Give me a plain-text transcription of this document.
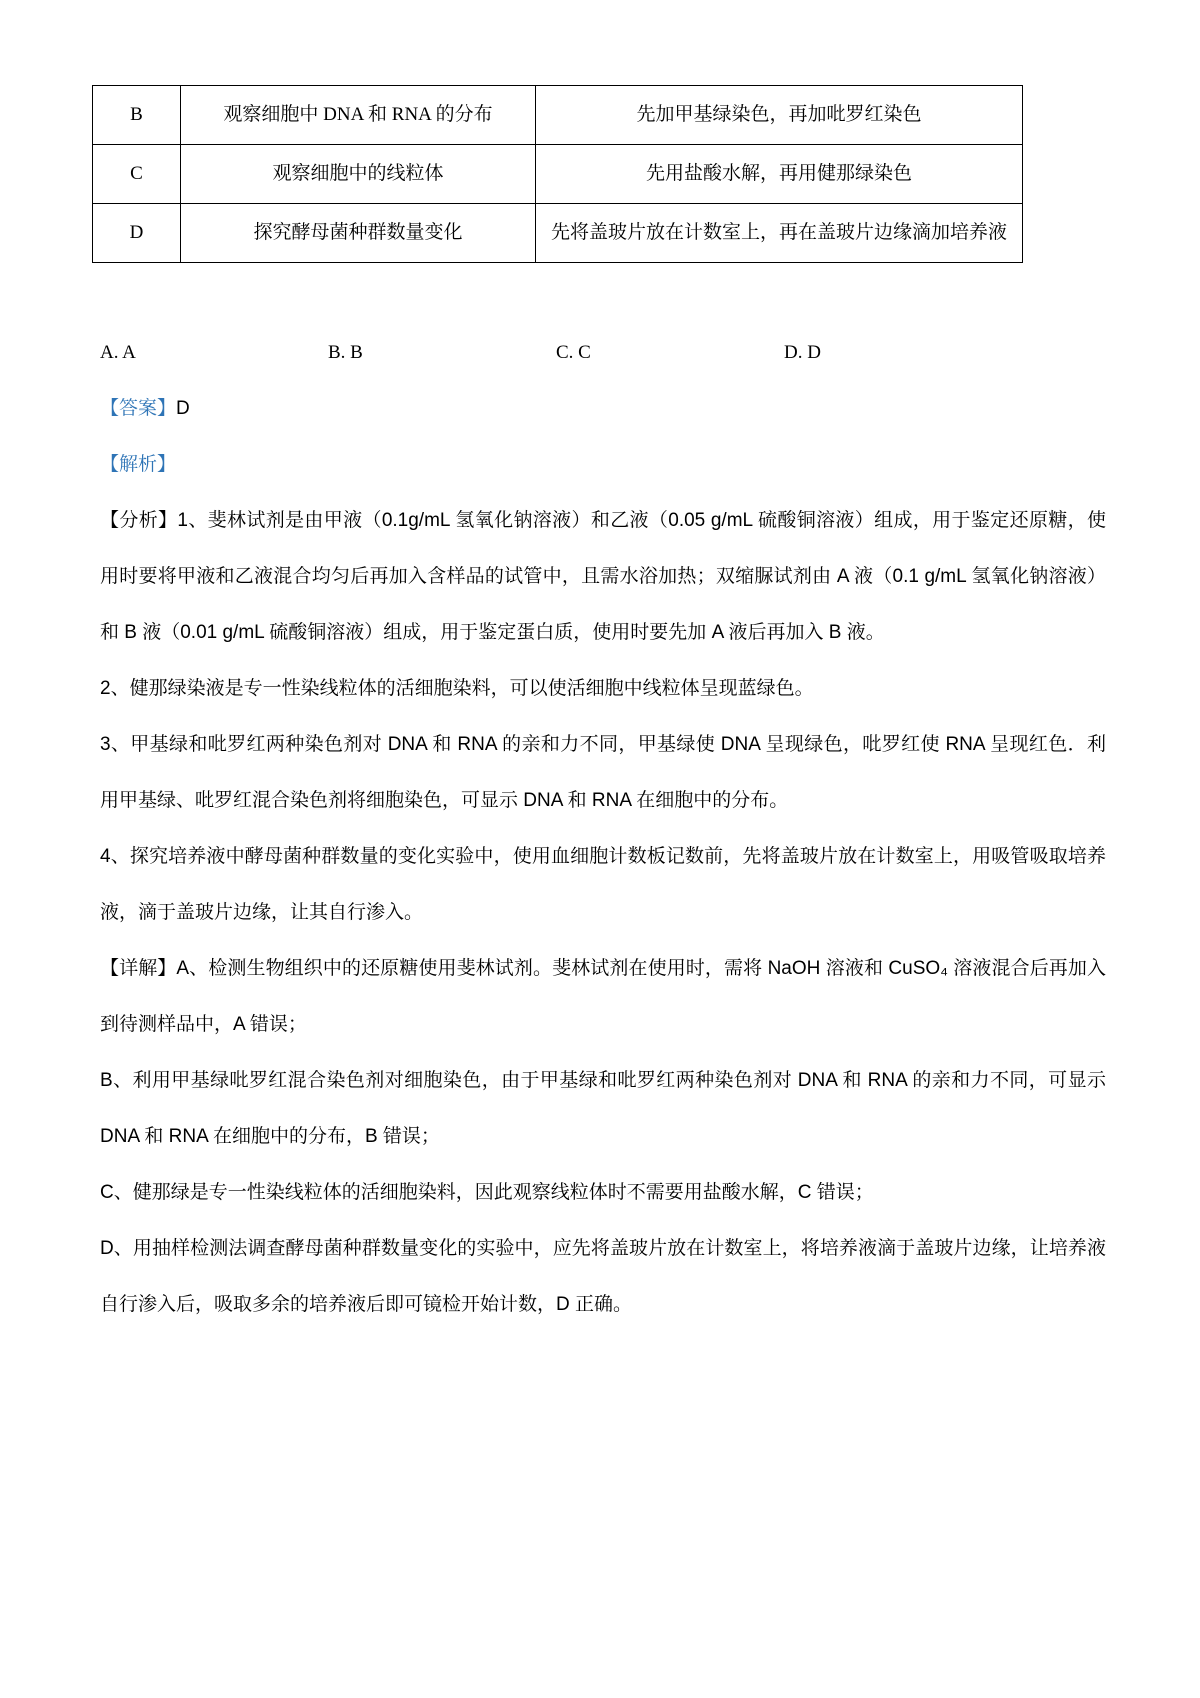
B	观察细胞中 DNA 和 RNA 的分布	先加甲基绿染色，再加吡罗红染色
C	观察细胞中的线粒体	先用盐酸水解，再用健那绿染色
D	探究酵母菌种群数量变化	先将盖玻片放在计数室上，再在盖玻片边缘滴加培养液
A. A	B. B	C. C	D. D
【答案】D
【解析】

【分析】1、斐林试剂是由甲液（0.1g/mL 氢氧化钠溶液）和乙液（0.05 g/mL 硫酸铜溶液）组成，用于鉴定还原糖，使用时要将甲液和乙液混合均匀后再加入含样品的试管中，且需水浴加热；双缩脲试剂由 A 液（0.1 g/mL 氢氧化钠溶液）和 B 液（0.01 g/mL 硫酸铜溶液）组成，用于鉴定蛋白质，使用时要先加 A 液后再加入 B 液。

2、健那绿染液是专一性染线粒体的活细胞染料，可以使活细胞中线粒体呈现蓝绿色。

3、甲基绿和吡罗红两种染色剂对 DNA 和 RNA 的亲和力不同，甲基绿使 DNA 呈现绿色，吡罗红使 RNA 呈现红色．利用甲基绿、吡罗红混合染色剂将细胞染色，可显示 DNA 和 RNA 在细胞中的分布。

4、探究培养液中酵母菌种群数量的变化实验中，使用血细胞计数板记数前，先将盖玻片放在计数室上，用吸管吸取培养液，滴于盖玻片边缘，让其自行渗入。

【详解】A、检测生物组织中的还原糖使用斐林试剂。斐林试剂在使用时，需将 NaOH 溶液和 CuSO₄ 溶液混合后再加入到待测样品中，A 错误；

B、利用甲基绿吡罗红混合染色剂对细胞染色，由于甲基绿和吡罗红两种染色剂对 DNA 和 RNA 的亲和力不同，可显示 DNA 和 RNA 在细胞中的分布，B 错误；

C、健那绿是专一性染线粒体的活细胞染料，因此观察线粒体时不需要用盐酸水解，C 错误；

D、用抽样检测法调查酵母菌种群数量变化的实验中，应先将盖玻片放在计数室上，将培养液滴于盖玻片边缘，让培养液自行渗入后，吸取多余的培养液后即可镜检开始计数，D 正确。
